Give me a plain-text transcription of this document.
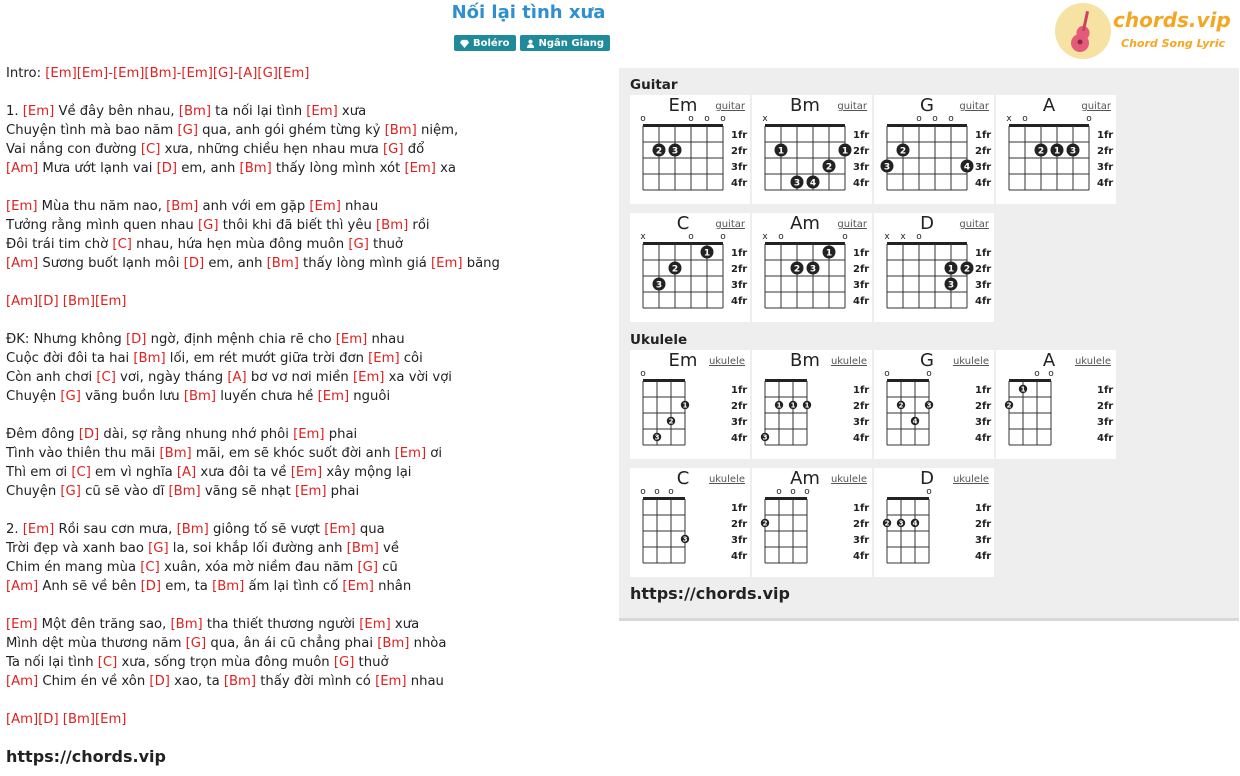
Nối lại tình xưa
Boléro	Ngân Giang
chords.vip
Chord Song Lyric
Intro: [Em][Em]-[Em][Bm]-[Em][G]-[A][G][Em]
1. [Em] Về đây bên nhau, [Bm] ta nối lại tình [Em] xưa
Chuyện tình mà bao năm [G] qua, anh gói ghém từng kỷ [Bm] niệm,
Vai nắng con đường [C] xưa, những chiều hẹn nhau mưa [G] đổ
[Am] Mưa ướt lạnh vai [D] em, anh [Bm] thấy lòng mình xót [Em] xa
[Em] Mùa thu năm nao, [Bm] anh với em gặp [Em] nhau
Tưởng rằng mình quen nhau [G] thôi khi đã biết thì yêu [Bm] rồi
Đôi trái tim chờ [C] nhau, hứa hẹn mùa đông muôn [G] thuở
[Am] Sương buốt lạnh môi [D] em, anh [Bm] thấy lòng mình giá [Em] băng
[Am][D] [Bm][Em]
ĐK: Nhưng không [D] ngờ, định mệnh chia rẽ cho [Em] nhau
Cuộc đời đôi ta hai [Bm] lối, em rét mướt giữa trời đơn [Em] côi
Còn anh chơi [C] vơi, ngày tháng [A] bơ vơ nơi miền [Em] xa vời vợi
Chuyện [G] vãng buồn lưu [Bm] luyến chưa hề [Em] nguôi
Đêm đông [D] dài, sợ rằng nhung nhớ phôi [Em] phai
Tình vào thiên thu mãi [Bm] mãi, em sẽ khóc suốt đời anh [Em] ơi
Thì em ơi [C] em vì nghĩa [A] xưa đôi ta về [Em] xây mộng lại
Chuyện [G] cũ sẽ vào dĩ [Bm] vãng sẽ nhạt [Em] phai
2. [Em] Rồi sau cơn mưa, [Bm] giông tố sẽ vượt [Em] qua
Trời đẹp và xanh bao [G] la, soi khắp lối đường anh [Bm] về
Chim én mang mùa [C] xuân, xóa mờ niềm đau năm [G] cũ
[Am] Anh sẽ về bên [D] em, ta [Bm] ấm lại tình cố [Em] nhân
[Em] Một đên trăng sao, [Bm] tha thiết thương người [Em] xưa
Mình dệt mùa thương năm [G] qua, ân ái cũ chẳng phai [Bm] nhòa
Ta nối lại tình [C] xưa, sống trọn mùa đông muôn [G] thuở
[Am] Chim én về xôn [D] xao, ta [Bm] thấy đời mình có [Em] nhau
[Am][D] [Bm][Em]
https://chords.vip
Guitar
Em	guitar
1fr
2fr
3fr
4fr
o	o o o
2 3
Bm	guitar
1fr
2fr
3fr
4fr
x
1	1
2
3 4
G	guitar
1fr
2fr
3fr
4fr
o o o
2
3	4
A	guitar
1fr
2fr
3fr
4fr
x o	o
2 1 3
C	guitar
1fr
2fr
3fr
4fr
x	o	o
1
2
3
Am	guitar
1fr
2fr
3fr
4fr
x o	o
1
2 3
D	guitar
1fr
2fr
3fr
4fr
x x o
1 2
3
Ukulele
Em	ukulele
1fr
2fr
3fr
4fr
o
1
2
3
Bm	ukulele
1fr
2fr
3fr
4fr
1 1 1
3
G	ukulele
1fr
2fr
3fr
4fr
o	o
2	3
4
A	ukulele
1fr
2fr
3fr
4fr
o o
1
2
C	ukulele
1fr
2fr
3fr
4fr
o o o
3
Am	ukulele
1fr
2fr
3fr
4fr
o o o
2
D	ukulele
1fr
2fr
3fr
4fr
o
2 3 4
https://chords.vip
